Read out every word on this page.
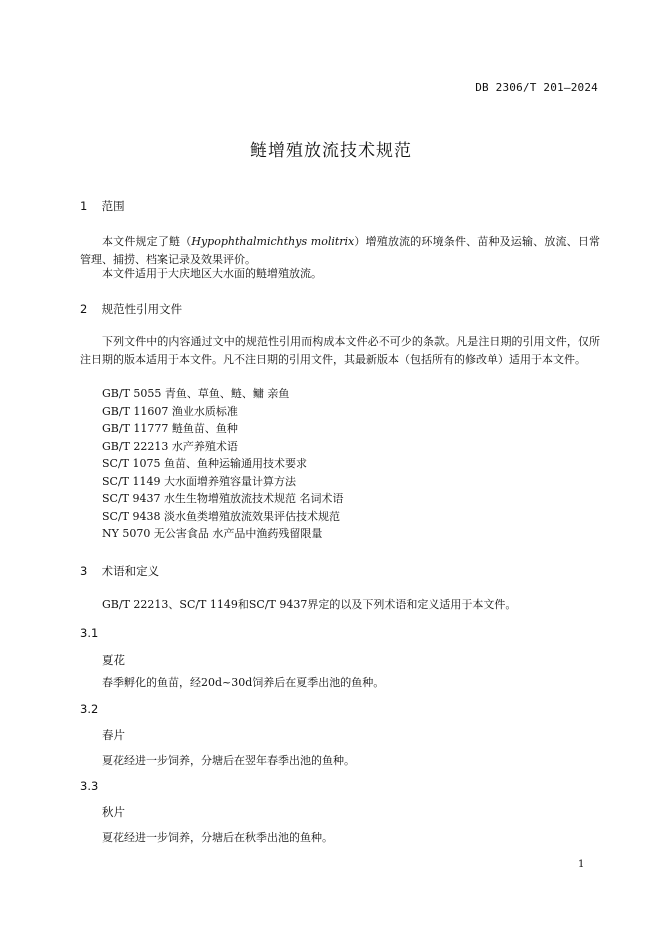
DB 2306/T 201—2024
鲢增殖放流技术规范
1 范围
本文件规定了鲢（Hypophthalmichthys molitrix）增殖放流的环境条件、苗种及运输、放流、日常管理、捕捞、档案记录及效果评价。
本文件适用于大庆地区大水面的鲢增殖放流。
2 规范性引用文件
下列文件中的内容通过文中的规范性引用而构成本文件必不可少的条款。凡是注日期的引用文件，仅所注日期的版本适用于本文件。凡不注日期的引用文件，其最新版本（包括所有的修改单）适用于本文件。
GB/T 5055 青鱼、草鱼、鲢、鳙 亲鱼
GB/T 11607 渔业水质标准
GB/T 11777 鲢鱼苗、鱼种
GB/T 22213 水产养殖术语
SC/T 1075 鱼苗、鱼种运输通用技术要求
SC/T 1149 大水面增养殖容量计算方法
SC/T 9437 水生生物增殖放流技术规范 名词术语
SC/T 9438 淡水鱼类增殖放流效果评估技术规范
NY 5070 无公害食品 水产品中渔药残留限量
3 术语和定义
GB/T 22213、SC/T 1149和SC/T 9437界定的以及下列术语和定义适用于本文件。
3.1
夏花
春季孵化的鱼苗，经20d~30d饲养后在夏季出池的鱼种。
3.2
春片
夏花经进一步饲养，分塘后在翌年春季出池的鱼种。
3.3
秋片
夏花经进一步饲养，分塘后在秋季出池的鱼种。
1
